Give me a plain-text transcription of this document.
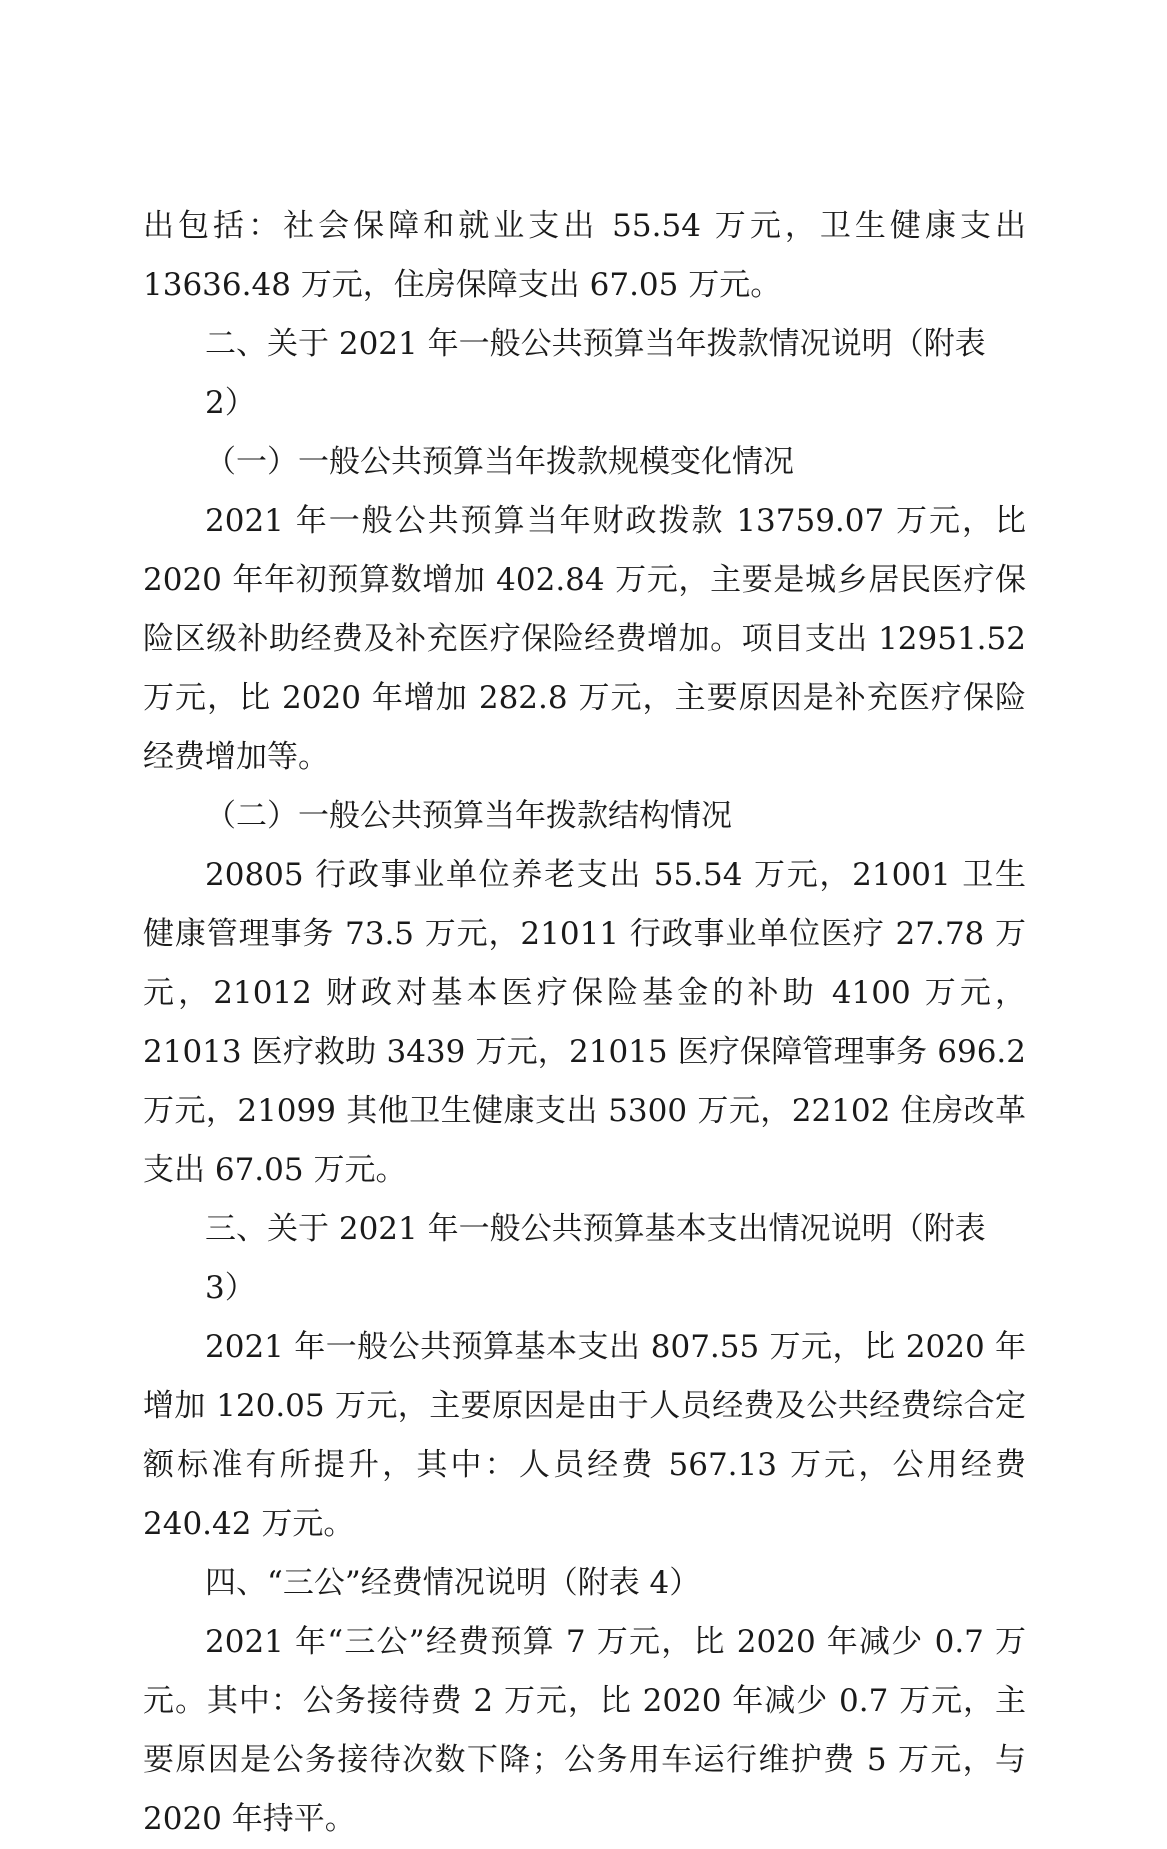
出包括：社会保障和就业支出 55.54 万元，卫生健康支出 13636.48 万元，住房保障支出 67.05 万元。

二、关于 2021 年一般公共预算当年拨款情况说明（附表 2）

（一）一般公共预算当年拨款规模变化情况

2021 年一般公共预算当年财政拨款 13759.07 万元，比 2020 年年初预算数增加 402.84 万元，主要是城乡居民医疗保险区级补助经费及补充医疗保险经费增加。项目支出 12951.52 万元，比 2020 年增加 282.8 万元，主要原因是补充医疗保险经费增加等。

（二）一般公共预算当年拨款结构情况

20805 行政事业单位养老支出 55.54 万元，21001 卫生健康管理事务 73.5 万元，21011 行政事业单位医疗 27.78 万元，21012 财政对基本医疗保险基金的补助 4100 万元，21013 医疗救助 3439 万元，21015 医疗保障管理事务 696.2 万元，21099 其他卫生健康支出 5300 万元，22102 住房改革支出 67.05 万元。

三、关于 2021 年一般公共预算基本支出情况说明（附表 3）

2021 年一般公共预算基本支出 807.55 万元，比 2020 年增加 120.05 万元，主要原因是由于人员经费及公共经费综合定额标准有所提升，其中：人员经费 567.13 万元，公用经费 240.42 万元。

四、“三公”经费情况说明（附表 4）

2021 年“三公”经费预算 7 万元，比 2020 年减少 0.7 万元。其中：公务接待费 2 万元，比 2020 年减少 0.7 万元，主要原因是公务接待次数下降；公务用车运行维护费 5 万元，与 2020 年持平。
